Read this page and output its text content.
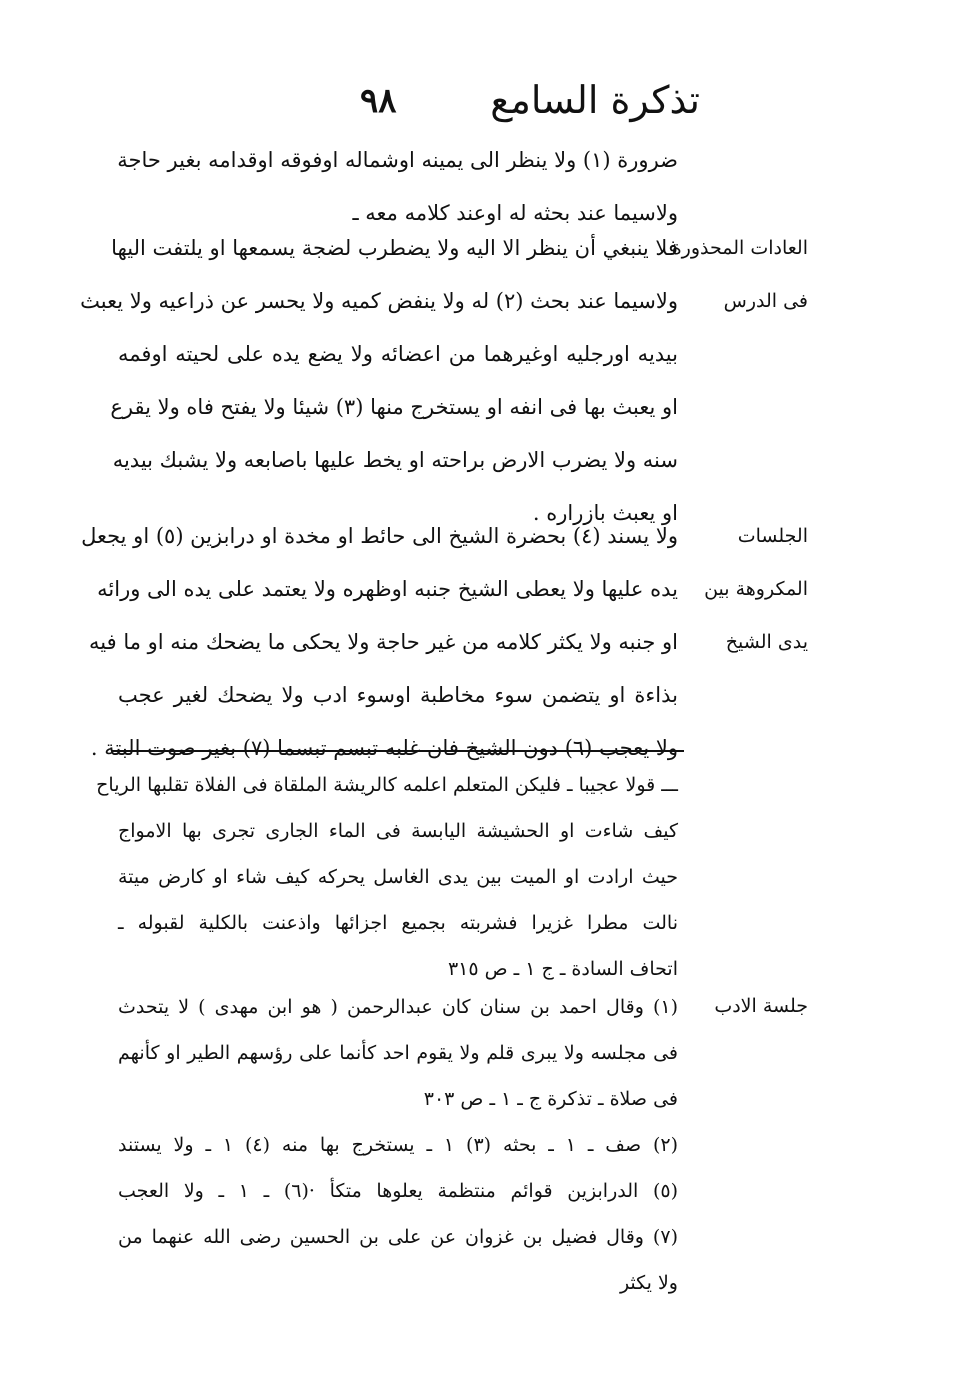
تذكرة السامع
٩٨
ضرورة (١) ولا ينظر الى يمينه اوشماله اوفوقه اوقدامه بغير حاجة
ولاسيما عند بحثه له اوعند كلامه معه ـ
فلا ينبغي أن ينظر الا اليه ولا يضطرب لضجة يسمعها او يلتفت اليها
ولاسيما عند بحث (٢) له ولا ينفض كميه ولا يحسر عن ذراعيه ولا يعبث
بيديه اورجليه اوغيرهما من اعضائه ولا يضع يده على لحيته اوفمه
او يعبث بها فى انفه او يستخرج منها (٣) شيئا ولا يفتح فاه ولا يقرع
سنه ولا يضرب الارض براحته او يخط عليها باصابعه ولا يشبك بيديه
او يعبث بازراره .
ولا يسند (٤) بحضرة الشيخ الى حائط او مخدة او درابزين (٥) او يجعل
يده عليها ولا يعطى الشيخ جنبه اوظهره ولا يعتمد على يده الى ورائه
او جنبه ولا يكثر كلامه من غير حاجة ولا يحكى ما يضحك منه او ما فيه
بذاءة او يتضمن سوء مخاطبة اوسوء ادب ولا يضحك لغير عجب
ولا يعجب (٦) دون الشيخ فان غلبه تبسم تبسما (٧) بغير صوت البتة .
العادات المحذورة
فى الدرس
الجلسات
المكروهة بين
يدى الشيخ
جلسة الادب
ـــ قولا عجيبا ـ فليكن المتعلم اعلمه كالريشة الملقاة فى الفلاة تقلبها الرياح
كيف شاءت او الحشيشة اليابسة فى الماء الجارى تجرى بها الامواج
حيث ارادت او الميت بين يدى الغاسل يحركه كيف شاء او كارض ميتة
نالت مطرا غزيرا فشربته بجميع اجزائها واذعنت بالكلية لقبوله ـ
اتحاف السادة ـ ج ١ ـ ص ٣١٥
(١) وقال احمد بن سنان كان عبدالرحمن ( هو ابن مهدى ) لا يتحدث
فى مجلسه ولا يبرى قلم ولا يقوم احد كأنما على رؤسهم الطير او كأنهم
فى صلاة ـ تذكرة ج ـ ١ ـ ص ٣٠٣
(٢) صف ـ ١ ـ بحثه (٣) ١ ـ يستخرج بها منه (٤) ١ ـ ولا يستند
(٥) الدرابزين قوائم منتظمة يعلوها متكأ ·(٦) ـ ١ ـ ولا العجب
(٧) وقال فضيل بن غزوان عن على بن الحسين رضى الله عنهما من
ولا يكثر
